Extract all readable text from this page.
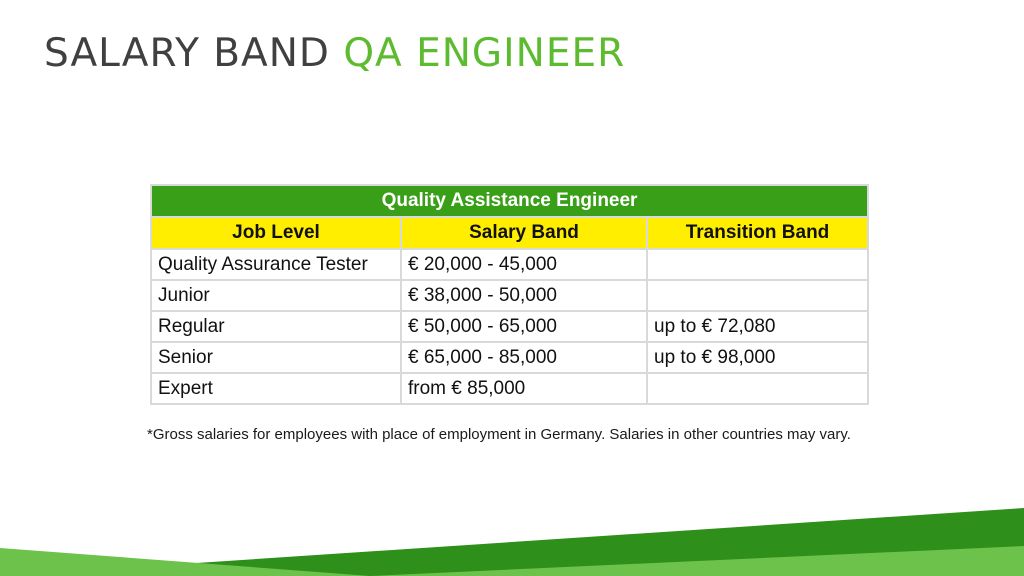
SALARY BAND QA ENGINEER
Quality Assistance Engineer		
Job Level	Salary Band	Transition Band
Quality Assurance Tester	€ 20,000 - 45,000	
Junior	€ 38,000 - 50,000	
Regular	€ 50,000 - 65,000	up to € 72,080
Senior	€ 65,000 - 85,000	up to € 98,000
Expert	from € 85,000	

*Gross salaries for employees with place of employment in Germany. Salaries in other countries may vary.
